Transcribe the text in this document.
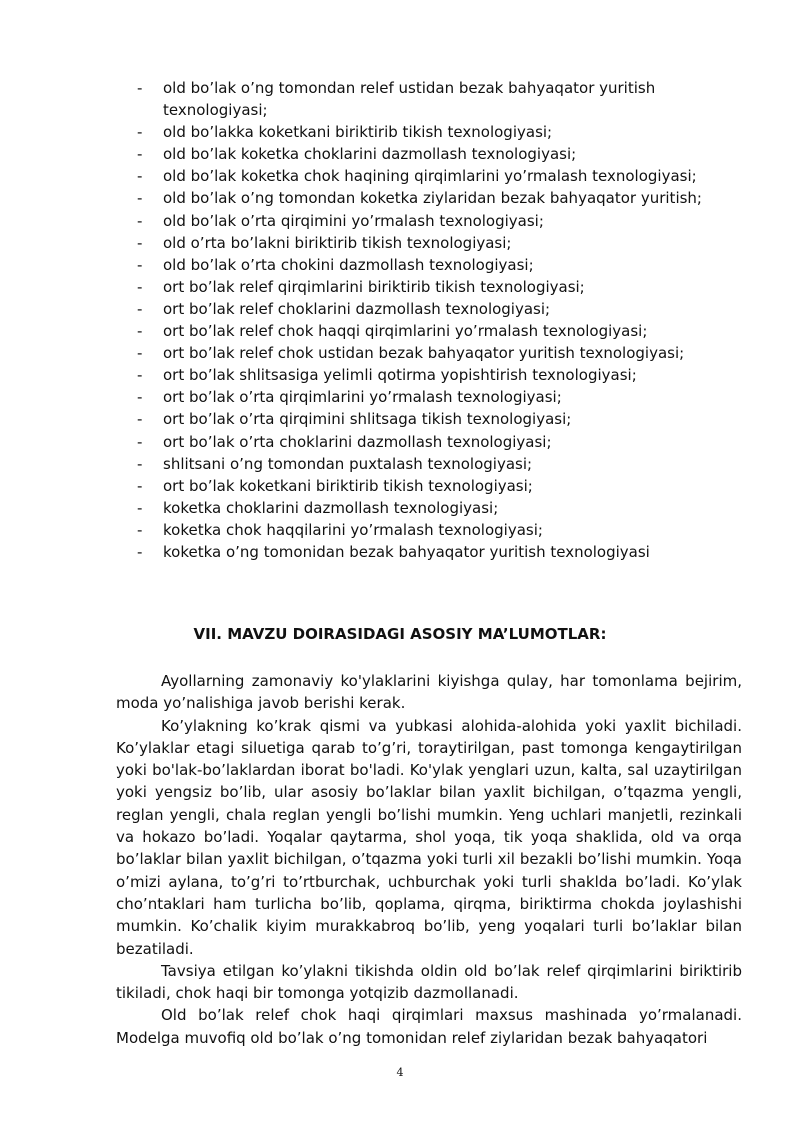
- old bo’lak o’ng tomondan relef ustidan bezak bahyaqator yuritish texnologiyasi;
- old bo’lakka koketkani biriktirib tikish texnologiyasi;
- old bo’lak koketka choklarini dazmollash texnologiyasi;
- old bo’lak koketka chok haqining qirqimlarini yo’rmalash texnologiyasi;
- old bo’lak o’ng tomondan koketka ziylaridan bezak bahyaqator yuritish;
- old bo’lak o’rta qirqimini yo’rmalash texnologiyasi;
- old o’rta bo’lakni biriktirib tikish texnologiyasi;
- old bo’lak o’rta chokini dazmollash texnologiyasi;
- ort bo’lak relef qirqimlarini biriktirib tikish texnologiyasi;
- ort bo’lak relef choklarini dazmollash texnologiyasi;
- ort bo’lak relef chok haqqi qirqimlarini yo’rmalash texnologiyasi;
- ort bo’lak relef chok ustidan bezak bahyaqator yuritish texnologiyasi;
- ort bo’lak shlitsasiga yelimli qotirma yopishtirish texnologiyasi;
- ort bo’lak o’rta qirqimlarini yo’rmalash texnologiyasi;
- ort bo’lak o’rta qirqimini shlitsaga tikish texnologiyasi;
- ort bo’lak o’rta choklarini dazmollash texnologiyasi;
- shlitsani o’ng tomondan puxtalash texnologiyasi;
- ort bo’lak koketkani biriktirib tikish texnologiyasi;
- koketka choklarini dazmollash texnologiyasi;
- koketka chok haqqilarini yo’rmalash texnologiyasi;
- koketka o’ng tomonidan bezak bahyaqator yuritish texnologiyasi
VII. MAVZU DOIRASIDAGI ASOSIY MA’LUMOTLAR:

Ayollarning zamonaviy ko'ylaklarini kiyishga qulay, har tomonlama bejirim, moda yo’nalishiga javob berishi kerak.

Ko’ylakning ko’krak qismi va yubkasi alohida-alohida yoki yaxlit bichiladi. Ko’ylaklar etagi siluetiga qarab to’g’ri, toraytirilgan, past tomonga kengaytirilgan yoki bo'lak-bo’laklardan iborat bo'ladi. Ko'ylak yenglari uzun, kalta, sal uzaytirilgan yoki yengsiz bo’lib, ular asosiy bo’laklar bilan yaxlit bichilgan, o’tqazma yengli, reglan yengli, chala reglan yengli bo’lishi mumkin. Yeng uchlari manjetli, rezinkali va hokazo bo’ladi. Yoqalar qaytarma, shol yoqa, tik yoqa shaklida, old va orqa bo’laklar bilan yaxlit bichilgan, o’tqazma yoki turli xil bezakli bo’lishi mumkin. Yoqa o’mizi aylana, to’g’ri to’rtburchak, uchburchak yoki turli shaklda bo’ladi. Ko’ylak cho’ntaklari ham turlicha bo’lib, qoplama, qirqma, biriktirma chokda joylashishi mumkin. Ko’chalik kiyim murakkabroq bo’lib, yeng yoqalari turli bo’laklar bilan bezatiladi.

Tavsiya etilgan ko’ylakni tikishda oldin old bo’lak relef qirqimlarini biriktirib tikiladi, chok haqi bir tomonga yotqizib dazmollanadi.

Old bo’lak relef chok haqi qirqimlari maxsus mashinada yo’rmalanadi. Modelga muvofiq old bo’lak o’ng tomonidan relef ziylaridan bezak bahyaqatori

4
